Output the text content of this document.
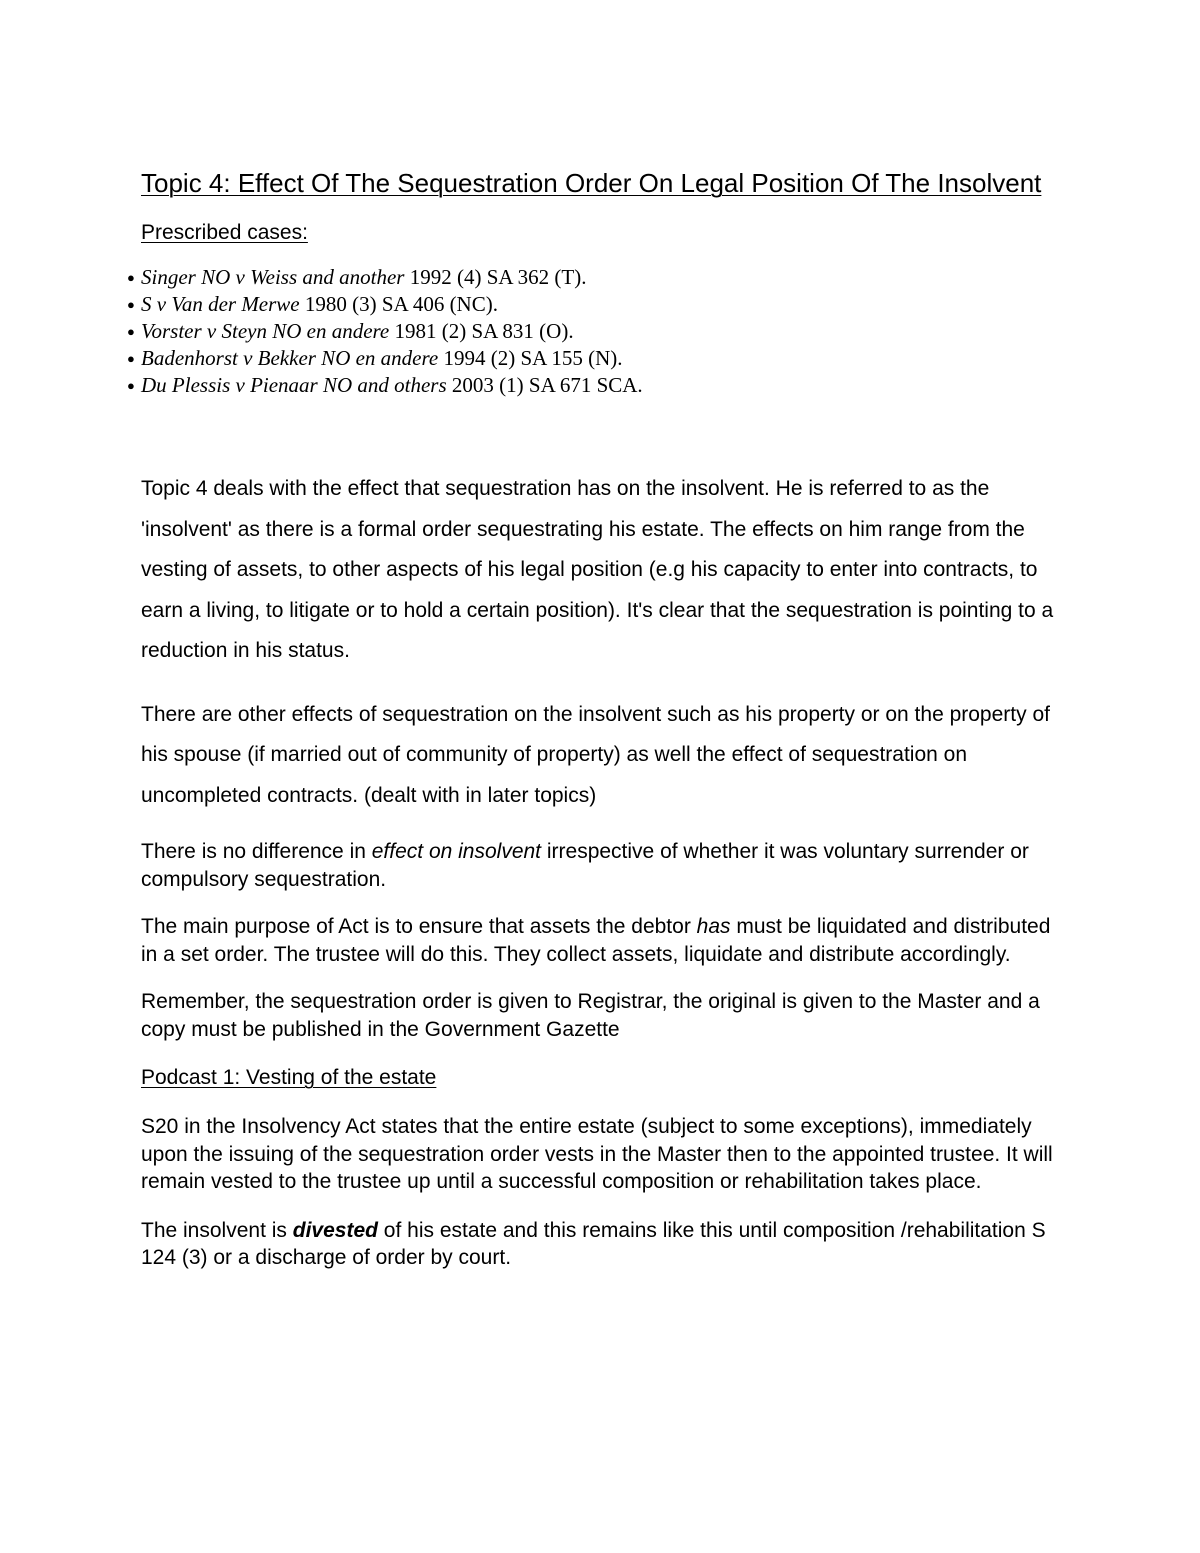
Topic 4: Effect Of The Sequestration Order On Legal Position Of The Insolvent

Prescribed cases:

● Singer NO v Weiss and another 1992 (4) SA 362 (T).
● S v Van der Merwe 1980 (3) SA 406 (NC).
● Vorster v Steyn NO en andere 1981 (2) SA 831 (O).
● Badenhorst v Bekker NO en andere 1994 (2) SA 155 (N).
● Du Plessis v Pienaar NO and others 2003 (1) SA 671 SCA.

Topic 4 deals with the effect that sequestration has on the insolvent. He is referred to as the 'insolvent' as there is a formal order sequestrating his estate. The effects on him range from the vesting of assets, to other aspects of his legal position (e.g his capacity to enter into contracts, to earn a living, to litigate or to hold a certain position). It's clear that the sequestration is pointing to a reduction in his status.

There are other effects of sequestration on the insolvent such as his property or on the property of his spouse (if married out of community of property) as well the effect of sequestration on uncompleted contracts. (dealt with in later topics)

There is no difference in effect on insolvent irrespective of whether it was voluntary surrender or compulsory sequestration.

The main purpose of Act is to ensure that assets the debtor has must be liquidated and distributed in a set order. The trustee will do this. They collect assets, liquidate and distribute accordingly.

Remember, the sequestration order is given to Registrar, the original is given to the Master and a copy must be published in the Government Gazette

Podcast 1: Vesting of the estate

S20 in the Insolvency Act states that the entire estate (subject to some exceptions), immediately upon the issuing of the sequestration order vests in the Master then to the appointed trustee. It will remain vested to the trustee up until a successful composition or rehabilitation takes place.

The insolvent is divested of his estate and this remains like this until composition /rehabilitation S 124 (3) or a discharge of order by court.
